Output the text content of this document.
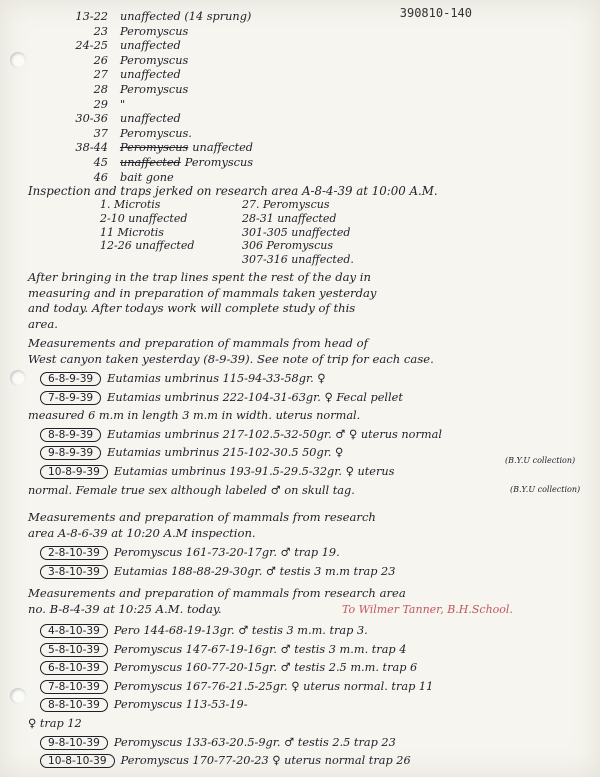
390810-140
13-22 unaffected (14 sprung)
23 Peromyscus
24-25 unaffected
26 Peromyscus
27 unaffected
28 Peromyscus
29 "
30-36 unaffected
37 Peromyscus.
38-44 Peromyscus unaffected
45 unaffected Peromyscus
46 bait gone
Inspection and traps jerked on research area A-8-4-39 at 10:00 A.M.
1. Microtis	27. Peromyscus
2-10 unaffected	28-31 unaffected
11 Microtis	301-305 unaffected
12-26 unaffected	306 Peromyscus
307-316 unaffected.
After bringing in the trap lines spent the rest of the day in
measuring and in preparation of mammals taken yesterday
and today. After todays work will complete study of this
area.
Measurements and preparation of mammals from head of
West canyon taken yesterday (8-9-39). See note of trip for each case.
6-8-9-39	Eutamias umbrinus 115-94-33-58gr. ♀
7-8-9-39	Eutamias umbrinus 222-104-31-63gr. ♀ Fecal pellet
measured 6 m.m in length 3 m.m in width. uterus normal.
8-8-9-39	Eutamias umbrinus 217-102.5-32-50gr. ♂ ♀ uterus normal
9-8-9-39	Eutamias umbrinus 215-102-30.5 50gr. ♀
10-8-9-39	Eutamias umbrinus 193-91.5-29.5-32gr. ♀ uterus
normal. Female true sex although labeled ♂ on skull tag.
(B.Y.U collection)
(B.Y.U collection)
Measurements and preparation of mammals from research
area A-8-6-39 at 10:20 A.M inspection.
2-8-10-39	Peromyscus 161-73-20-17gr. ♂ trap 19.
3-8-10-39	Eutamias 188-88-29-30gr. ♂ testis 3 m.m trap 23
Measurements and preparation of mammals from research area
no. B-8-4-39 at 10:25 A.M. today.	To Wilmer Tanner, B.H.School.
4-8-10-39	Pero 144-68-19-13gr. ♂ testis 3 m.m. trap 3.
5-8-10-39	Peromyscus 147-67-19-16gr. ♂ testis 3 m.m. trap 4
6-8-10-39	Peromyscus 160-77-20-15gr. ♂ testis 2.5 m.m. trap 6
7-8-10-39	Peromyscus 167-76-21.5-25gr. ♀ uterus normal. trap 11
8-8-10-39	Peromyscus 113-53-19-
♀ trap 12
9-8-10-39	Peromyscus 133-63-20.5-9gr. ♂ testis 2.5 trap 23
10-8-10-39	Peromyscus 170-77-20-23 ♀ uterus normal trap 26
